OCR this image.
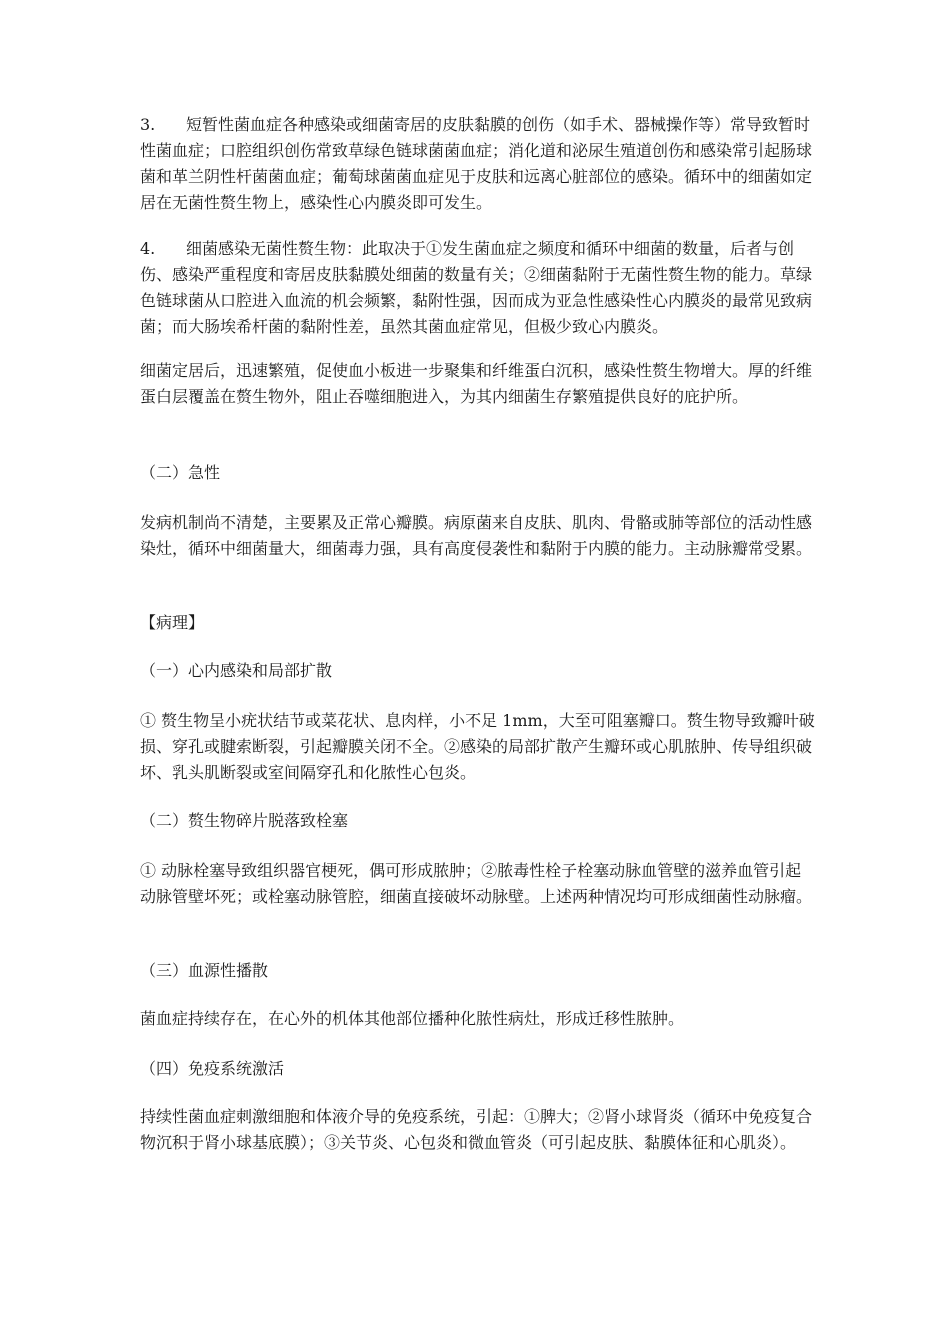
3. 短暂性菌血症各种感染或细菌寄居的皮肤黏膜的创伤（如手术、器械操作等）常导致暂时性菌血症；口腔组织创伤常致草绿色链球菌菌血症；消化道和泌尿生殖道创伤和感染常引起肠球菌和革兰阴性杆菌菌血症；葡萄球菌菌血症见于皮肤和远离心脏部位的感染。循环中的细菌如定居在无菌性赘生物上，感染性心内膜炎即可发生。

4. 细菌感染无菌性赘生物：此取决于①发生菌血症之频度和循环中细菌的数量，后者与创伤、感染严重程度和寄居皮肤黏膜处细菌的数量有关；②细菌黏附于无菌性赘生物的能力。草绿色链球菌从口腔进入血流的机会频繁，黏附性强，因而成为亚急性感染性心内膜炎的最常见致病菌；而大肠埃希杆菌的黏附性差，虽然其菌血症常见，但极少致心内膜炎。

细菌定居后，迅速繁殖，促使血小板进一步聚集和纤维蛋白沉积，感染性赘生物增大。厚的纤维蛋白层覆盖在赘生物外，阻止吞噬细胞进入，为其内细菌生存繁殖提供良好的庇护所。

（二）急性

发病机制尚不清楚，主要累及正常心瓣膜。病原菌来自皮肤、肌肉、骨骼或肺等部位的活动性感染灶，循环中细菌量大，细菌毒力强，具有高度侵袭性和黏附于内膜的能力。主动脉瓣常受累。

【病理】

（一）心内感染和局部扩散

① 赘生物呈小疣状结节或菜花状、息肉样，小不足 1mm，大至可阻塞瓣口。赘生物导致瓣叶破损、穿孔或腱索断裂，引起瓣膜关闭不全。②感染的局部扩散产生瓣环或心肌脓肿、传导组织破坏、乳头肌断裂或室间隔穿孔和化脓性心包炎。

（二）赘生物碎片脱落致栓塞

① 动脉栓塞导致组织器官梗死，偶可形成脓肿；②脓毒性栓子栓塞动脉血管壁的滋养血管引起动脉管壁坏死；或栓塞动脉管腔，细菌直接破坏动脉壁。上述两种情况均可形成细菌性动脉瘤。

（三）血源性播散

菌血症持续存在，在心外的机体其他部位播种化脓性病灶，形成迁移性脓肿。

（四）免疫系统激活

持续性菌血症刺激细胞和体液介导的免疫系统，引起：①脾大；②肾小球肾炎（循环中免疫复合物沉积于肾小球基底膜）；③关节炎、心包炎和微血管炎（可引起皮肤、黏膜体征和心肌炎）。
